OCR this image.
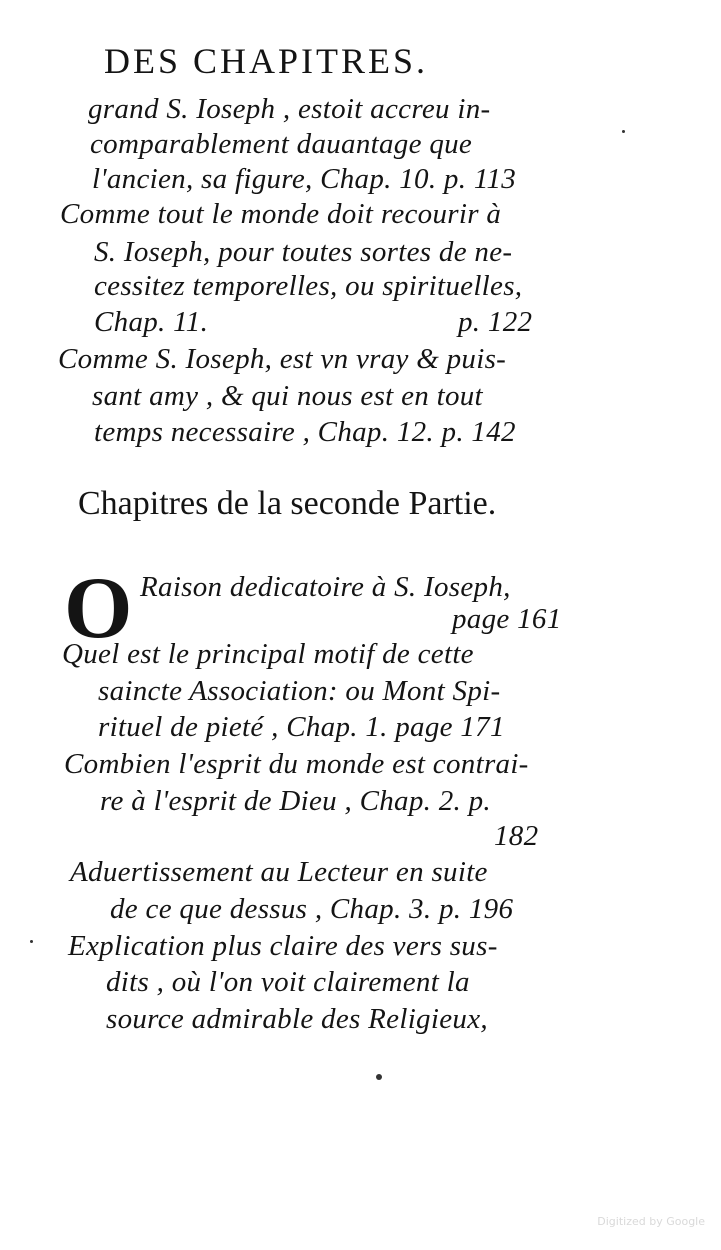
DES CHAPITRES.
grand S. Ioseph , estoit accreu in-
comparablement dauantage que
l'ancien, sa figure, Chap. 10. p. 113
Comme tout le monde doit recourir à
S. Ioseph, pour toutes sortes de ne-
cessitez temporelles, ou spirituelles,
Chap. 11.	p. 122
Comme S. Ioseph, est vn vray & puis-
sant amy , & qui nous est en tout
temps necessaire , Chap. 12. p. 142
Chapitres de la seconde Partie.
O Raison dedicatoire à S. Ioseph,
page 161
Quel est le principal motif de cette
saincte Association: ou Mont Spi-
rituel de pieté , Chap. 1. page 171
Combien l'esprit du monde est contrai-
re à l'esprit de Dieu , Chap. 2. p.
182
Aduertissement au Lecteur en suite
de ce que dessus , Chap. 3. p. 196
Explication plus claire des vers sus-
dits , où l'on voit clairement la
source admirable des Religieux,
Digitized by Google
